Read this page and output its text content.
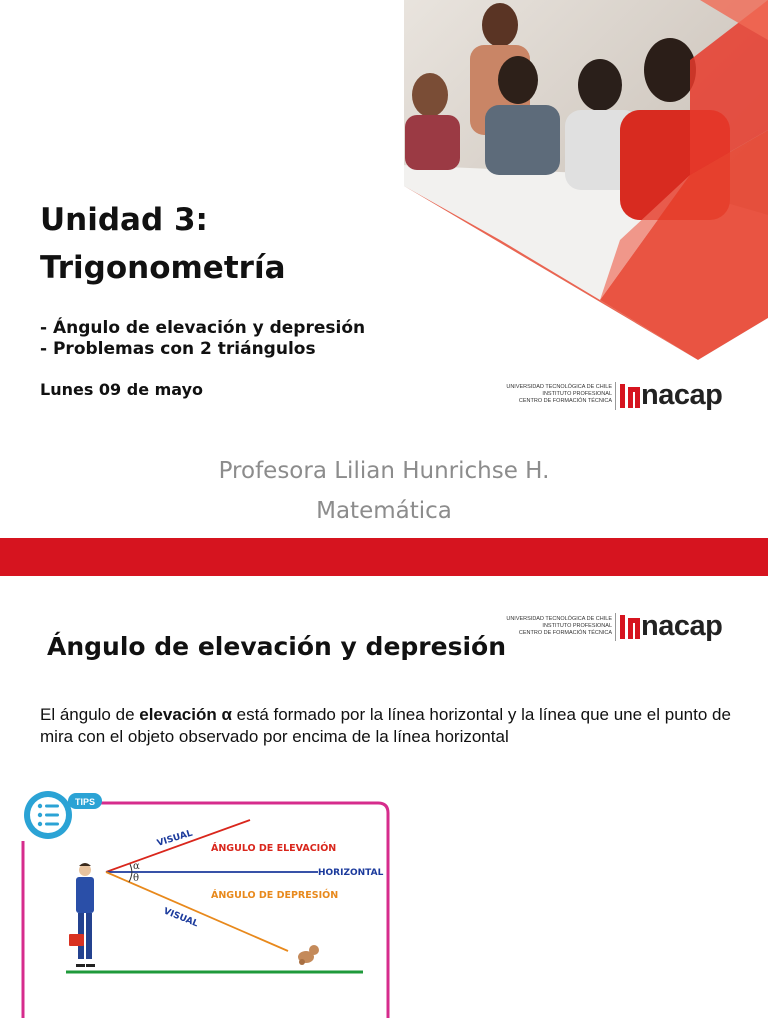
Unidad 3:
Trigonometría
- Ángulo de elevación y depresión
- Problemas con 2 triángulos
Lunes 09 de mayo	UNIVERSIDAD TECNOLÓGICA DE CHILE
INSTITUTO PROFESIONAL
CENTRO DE FORMACIÓN TÉCNICA nacap
Profesora Lilian Hunrichse H.
Matemática
UNIVERSIDAD TECNOLÓGICA DE CHILE
INSTITUTO PROFESIONAL
CENTRO DE FORMACIÓN TÉCNICA nacap
Ángulo de elevación y depresión
El ángulo de elevación α está formado por la línea horizontal y la línea que une el punto de mira con el objeto observado por encima de la línea horizontal
TIPS
α
θ
VISUAL ÁNGULO DE ELEVACIÓN
HORIZONTAL
ÁNGULO DE DEPRESIÓN
VISUAL
